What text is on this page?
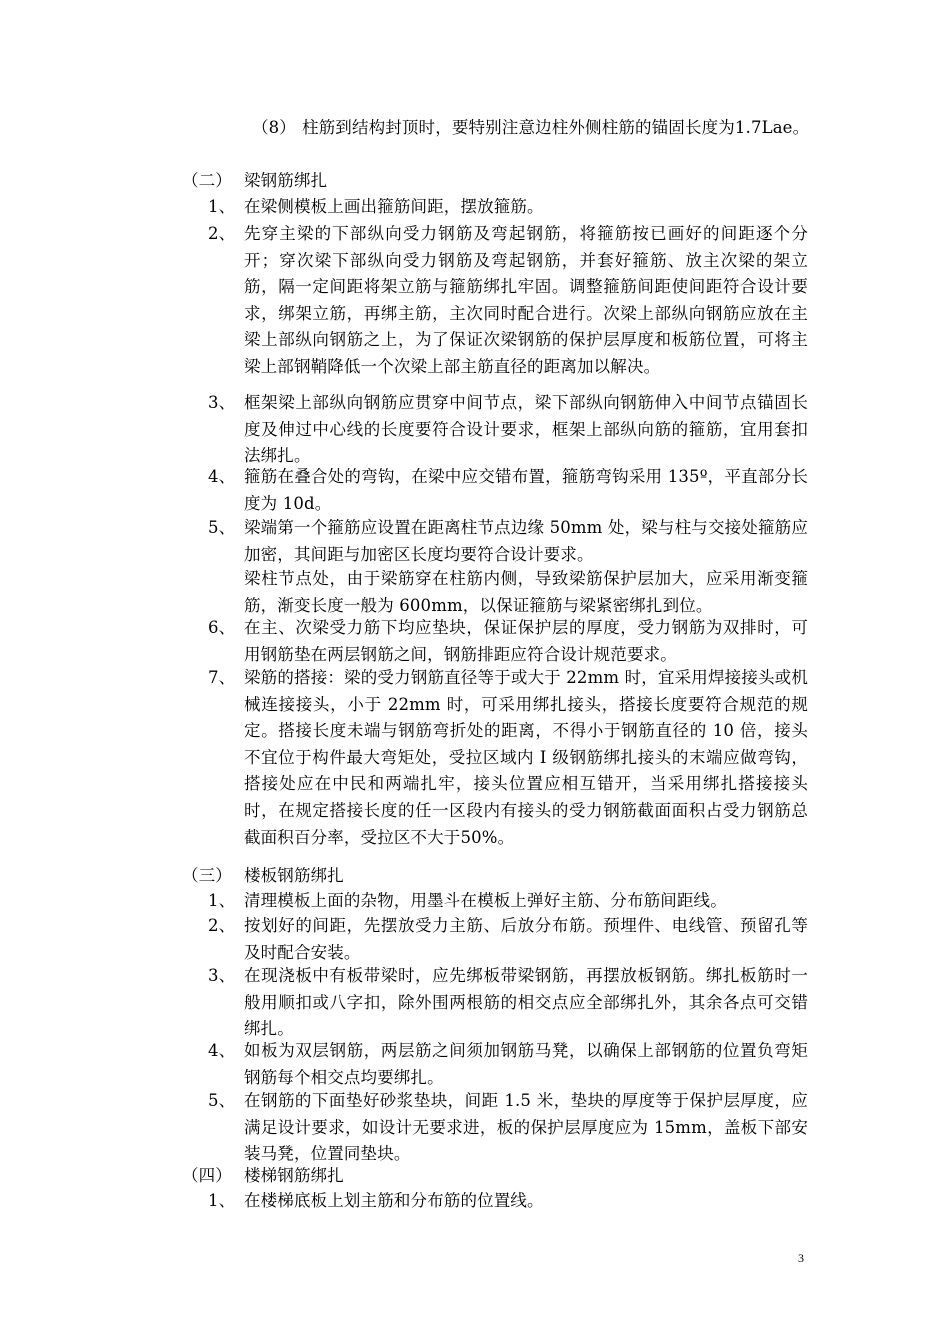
（8） 柱筋到结构封顶时，要特别注意边柱外侧柱筋的锚固长度为1.7Lae。
（二） 梁钢筋绑扎
1、 在梁侧模板上画出箍筋间距，摆放箍筋。
2、 先穿主梁的下部纵向受力钢筋及弯起钢筋，将箍筋按已画好的间距逐个分开；穿次梁下部纵向受力钢筋及弯起钢筋，并套好箍筋、放主次梁的架立筋，隔一定间距将架立筋与箍筋绑扎牢固。调整箍筋间距使间距符合设计要求，绑架立筋，再绑主筋，主次同时配合进行。次梁上部纵向钢筋应放在主梁上部纵向钢筋之上，为了保证次梁钢筋的保护层厚度和板筋位置，可将主梁上部钢鞘降低一个次梁上部主筋直径的距离加以解决。
3、 框架梁上部纵向钢筋应贯穿中间节点，梁下部纵向钢筋伸入中间节点锚固长度及伸过中心线的长度要符合设计要求，框架上部纵向筋的箍筋，宜用套扣法绑扎。
4、 箍筋在叠合处的弯钩，在梁中应交错布置，箍筋弯钩采用 135º，平直部分长度为 10d。
5、 梁端第一个箍筋应设置在距离柱节点边缘 50mm 处，梁与柱与交接处箍筋应加密，其间距与加密区长度均要符合设计要求。
梁柱节点处，由于梁筋穿在柱筋内侧，导致梁筋保护层加大，应采用渐变箍筋，渐变长度一般为 600mm，以保证箍筋与梁紧密绑扎到位。
6、 在主、次梁受力筋下均应垫块，保证保护层的厚度，受力钢筋为双排时，可用钢筋垫在两层钢筋之间，钢筋排距应符合设计规范要求。
7、 梁筋的搭接：梁的受力钢筋直径等于或大于 22mm 时，宜采用焊接接头或机械连接接头，小于 22mm 时，可采用绑扎接头，搭接长度要符合规范的规定。搭接长度未端与钢筋弯折处的距离，不得小于钢筋直径的 10 倍，接头不宜位于构件最大弯矩处，受拉区域内 I 级钢筋绑扎接头的末端应做弯钩，搭接处应在中民和两端扎牢，接头位置应相互错开，当采用绑扎搭接接头时，在规定搭接长度的任一区段内有接头的受力钢筋截面面积占受力钢筋总截面积百分率，受拉区不大于50%。
（三） 楼板钢筋绑扎
1、 清理模板上面的杂物，用墨斗在模板上弹好主筋、分布筋间距线。
2、 按划好的间距，先摆放受力主筋、后放分布筋。预埋件、电线管、预留孔等及时配合安装。
3、 在现浇板中有板带梁时，应先绑板带梁钢筋，再摆放板钢筋。绑扎板筋时一般用顺扣或八字扣，除外围两根筋的相交点应全部绑扎外，其余各点可交错绑扎。
4、 如板为双层钢筋，两层筋之间须加钢筋马凳，以确保上部钢筋的位置负弯矩钢筋每个相交点均要绑扎。
5、 在钢筋的下面垫好砂浆垫块，间距 1.5 米，垫块的厚度等于保护层厚度，应满足设计要求，如设计无要求进，板的保护层厚度应为 15mm，盖板下部安装马凳，位置同垫块。
（四） 楼梯钢筋绑扎
1、 在楼梯底板上划主筋和分布筋的位置线。
3
